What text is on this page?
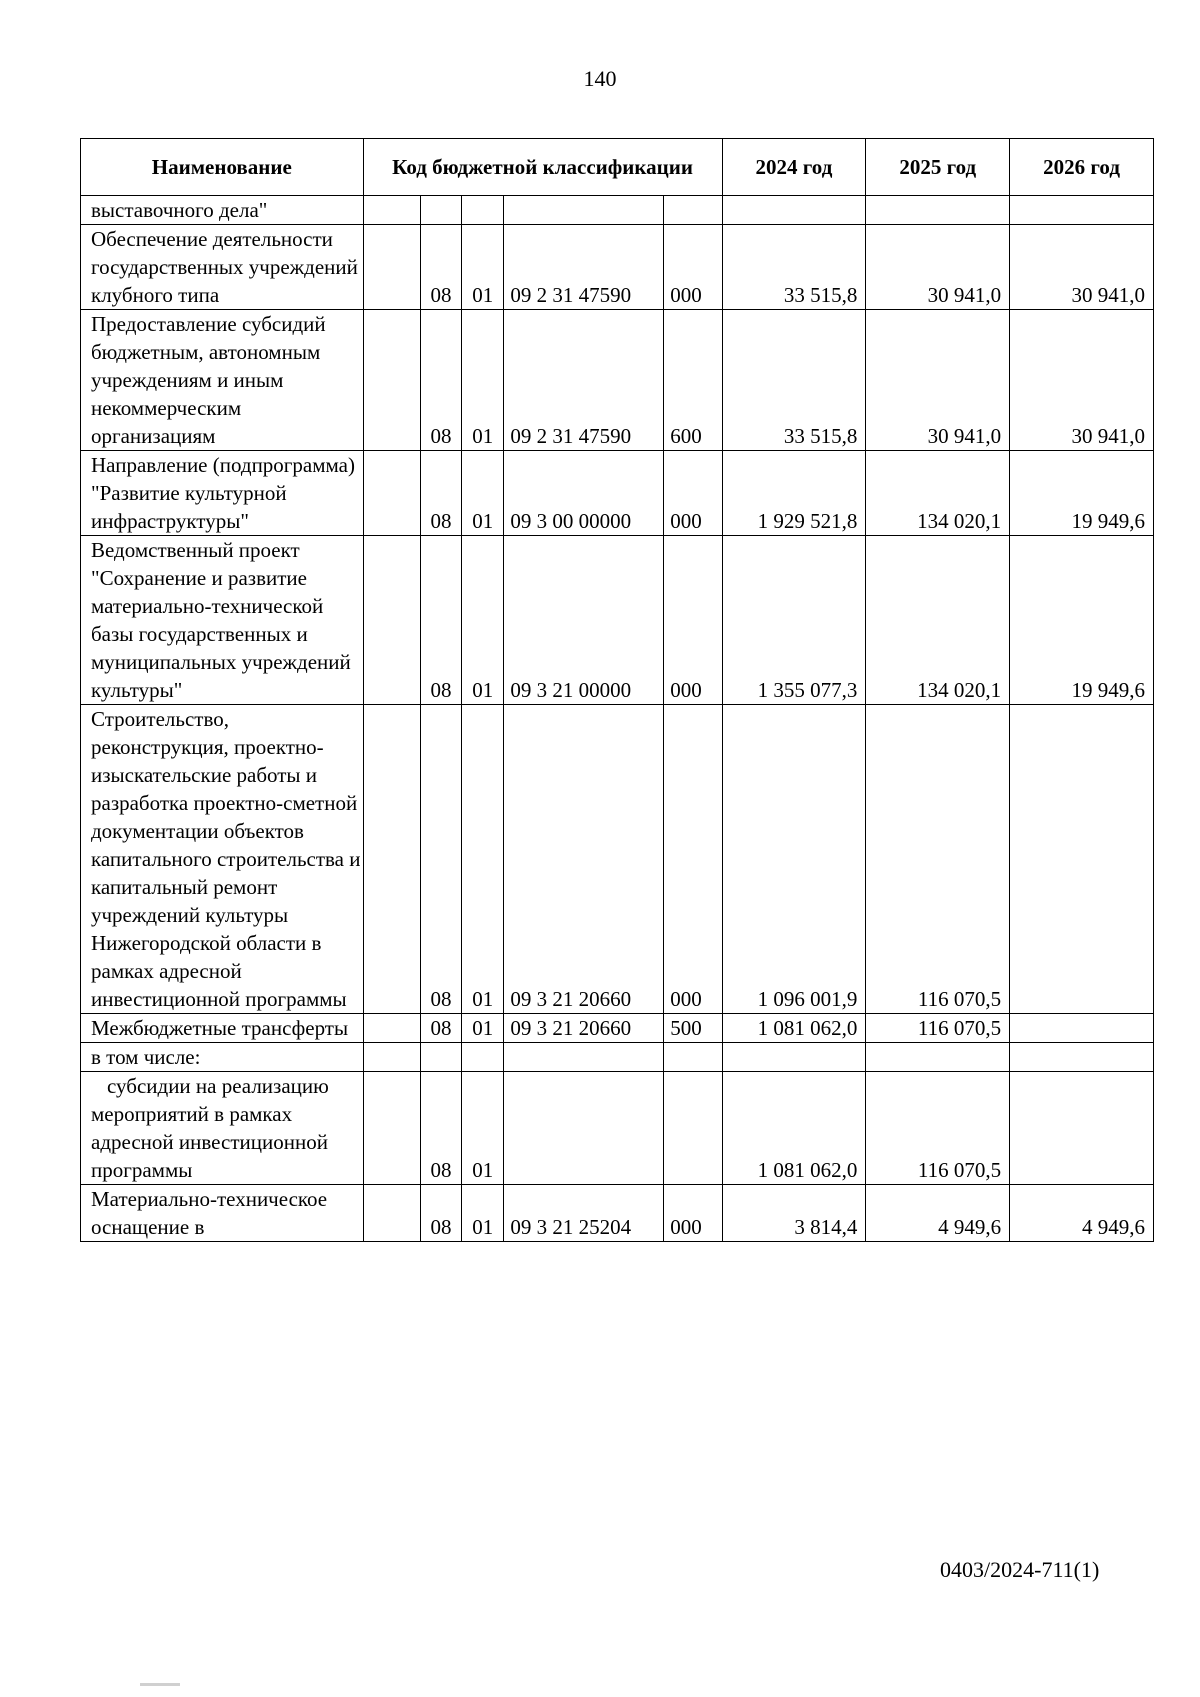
140
Наименование	Код бюджетной классификации					2024 год	2025 год	2026 год
выставочного дела"								
Обеспечение деятельности государственных учреждений клубного типа		08	01	09 2 31 47590	000	33 515,8	30 941,0	30 941,0
Предоставление субсидий бюджетным, автономным учреждениям и иным некоммерческим организациям		08	01	09 2 31 47590	600	33 515,8	30 941,0	30 941,0
Направление (подпрограмма) "Развитие культурной инфраструктуры"		08	01	09 3 00 00000	000	1 929 521,8	134 020,1	19 949,6
Ведомственный проект "Сохранение и развитие материально-технической базы государственных и муниципальных учреждений культуры"		08	01	09 3 21 00000	000	1 355 077,3	134 020,1	19 949,6
Строительство, реконструкция, проектно-изыскательские работы и разработка проектно-сметной документации объектов капитального строительства и капитальный ремонт учреждений культуры Нижегородской области в рамках адресной инвестиционной программы		08	01	09 3 21 20660	000	1 096 001,9	116 070,5	
Межбюджетные трансферты		08	01	09 3 21 20660	500	1 081 062,0	116 070,5	
в том числе:								
субсидии на реализацию мероприятий в рамках адресной инвестиционной программы		08	01			1 081 062,0	116 070,5	
Материально-техническое оснащение в		08	01	09 3 21 25204	000	3 814,4	4 949,6	4 949,6
0403/2024-711(1)
